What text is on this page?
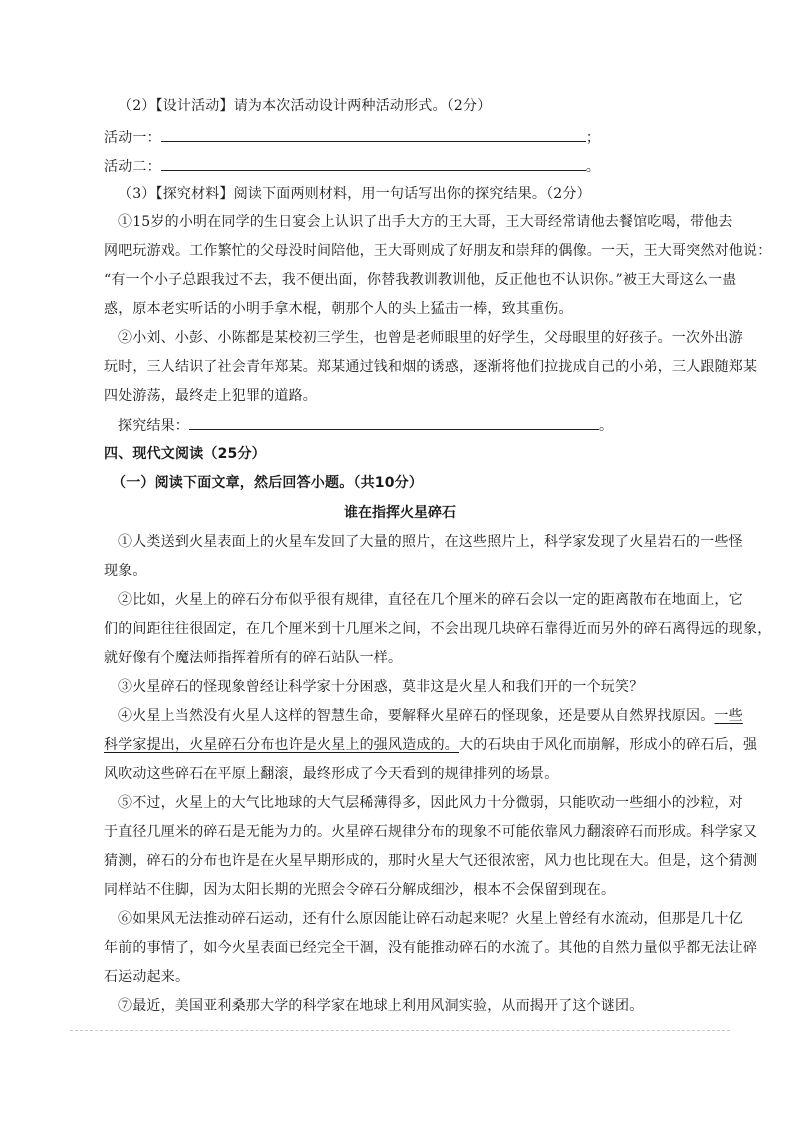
（2）【设计活动】请为本次活动设计两种活动形式。（2分）
活动一：	；
活动二：	。
（3）【探究材料】阅读下面两则材料，用一句话写出你的探究结果。（2分）
①15岁的小明在同学的生日宴会上认识了出手大方的王大哥，王大哥经常请他去餐馆吃喝，带他去
网吧玩游戏。工作繁忙的父母没时间陪他，王大哥则成了好朋友和崇拜的偶像。一天，王大哥突然对他说：
“有一个小子总跟我过不去，我不便出面，你替我教训教训他，反正他也不认识你。”被王大哥这么一蛊
惑，原本老实听话的小明手拿木棍，朝那个人的头上猛击一棒，致其重伤。
②小刘、小彭、小陈都是某校初三学生，也曾是老师眼里的好学生，父母眼里的好孩子。一次外出游
玩时，三人结识了社会青年郑某。郑某通过钱和烟的诱惑，逐渐将他们拉拢成自己的小弟，三人跟随郑某
四处游荡，最终走上犯罪的道路。
探究结果：	。
四、现代文阅读（25分）
（一）阅读下面文章，然后回答小题。（共10分）
谁在指挥火星碎石
①人类送到火星表面上的火星车发回了大量的照片，在这些照片上，科学家发现了火星岩石的一些怪
现象。
②比如，火星上的碎石分布似乎很有规律，直径在几个厘米的碎石会以一定的距离散布在地面上，它
们的间距往往很固定，在几个厘米到十几厘米之间，不会出现几块碎石靠得近而另外的碎石离得远的现象，
就好像有个魔法师指挥着所有的碎石站队一样。
③火星碎石的怪现象曾经让科学家十分困惑，莫非这是火星人和我们开的一个玩笑？
④火星上当然没有火星人这样的智慧生命，要解释火星碎石的怪现象，还是要从自然界找原因。一些
科学家提出，火星碎石分布也许是火星上的强风造成的。大的石块由于风化而崩解，形成小的碎石后，强
风吹动这些碎石在平原上翻滚，最终形成了今天看到的规律排列的场景。
⑤不过，火星上的大气比地球的大气层稀薄得多，因此风力十分微弱，只能吹动一些细小的沙粒，对
于直径几厘米的碎石是无能为力的。火星碎石规律分布的现象不可能依靠风力翻滚碎石而形成。科学家又
猜测，碎石的分布也许是在火星早期形成的，那时火星大气还很浓密，风力也比现在大。但是，这个猜测
同样站不住脚，因为太阳长期的光照会令碎石分解成细沙，根本不会保留到现在。
⑥如果风无法推动碎石运动，还有什么原因能让碎石动起来呢？火星上曾经有水流动，但那是几十亿
年前的事情了，如今火星表面已经完全干涸，没有能推动碎石的水流了。其他的自然力量似乎都无法让碎
石运动起来。
⑦最近，美国亚利桑那大学的科学家在地球上利用风洞实验，从而揭开了这个谜团。
